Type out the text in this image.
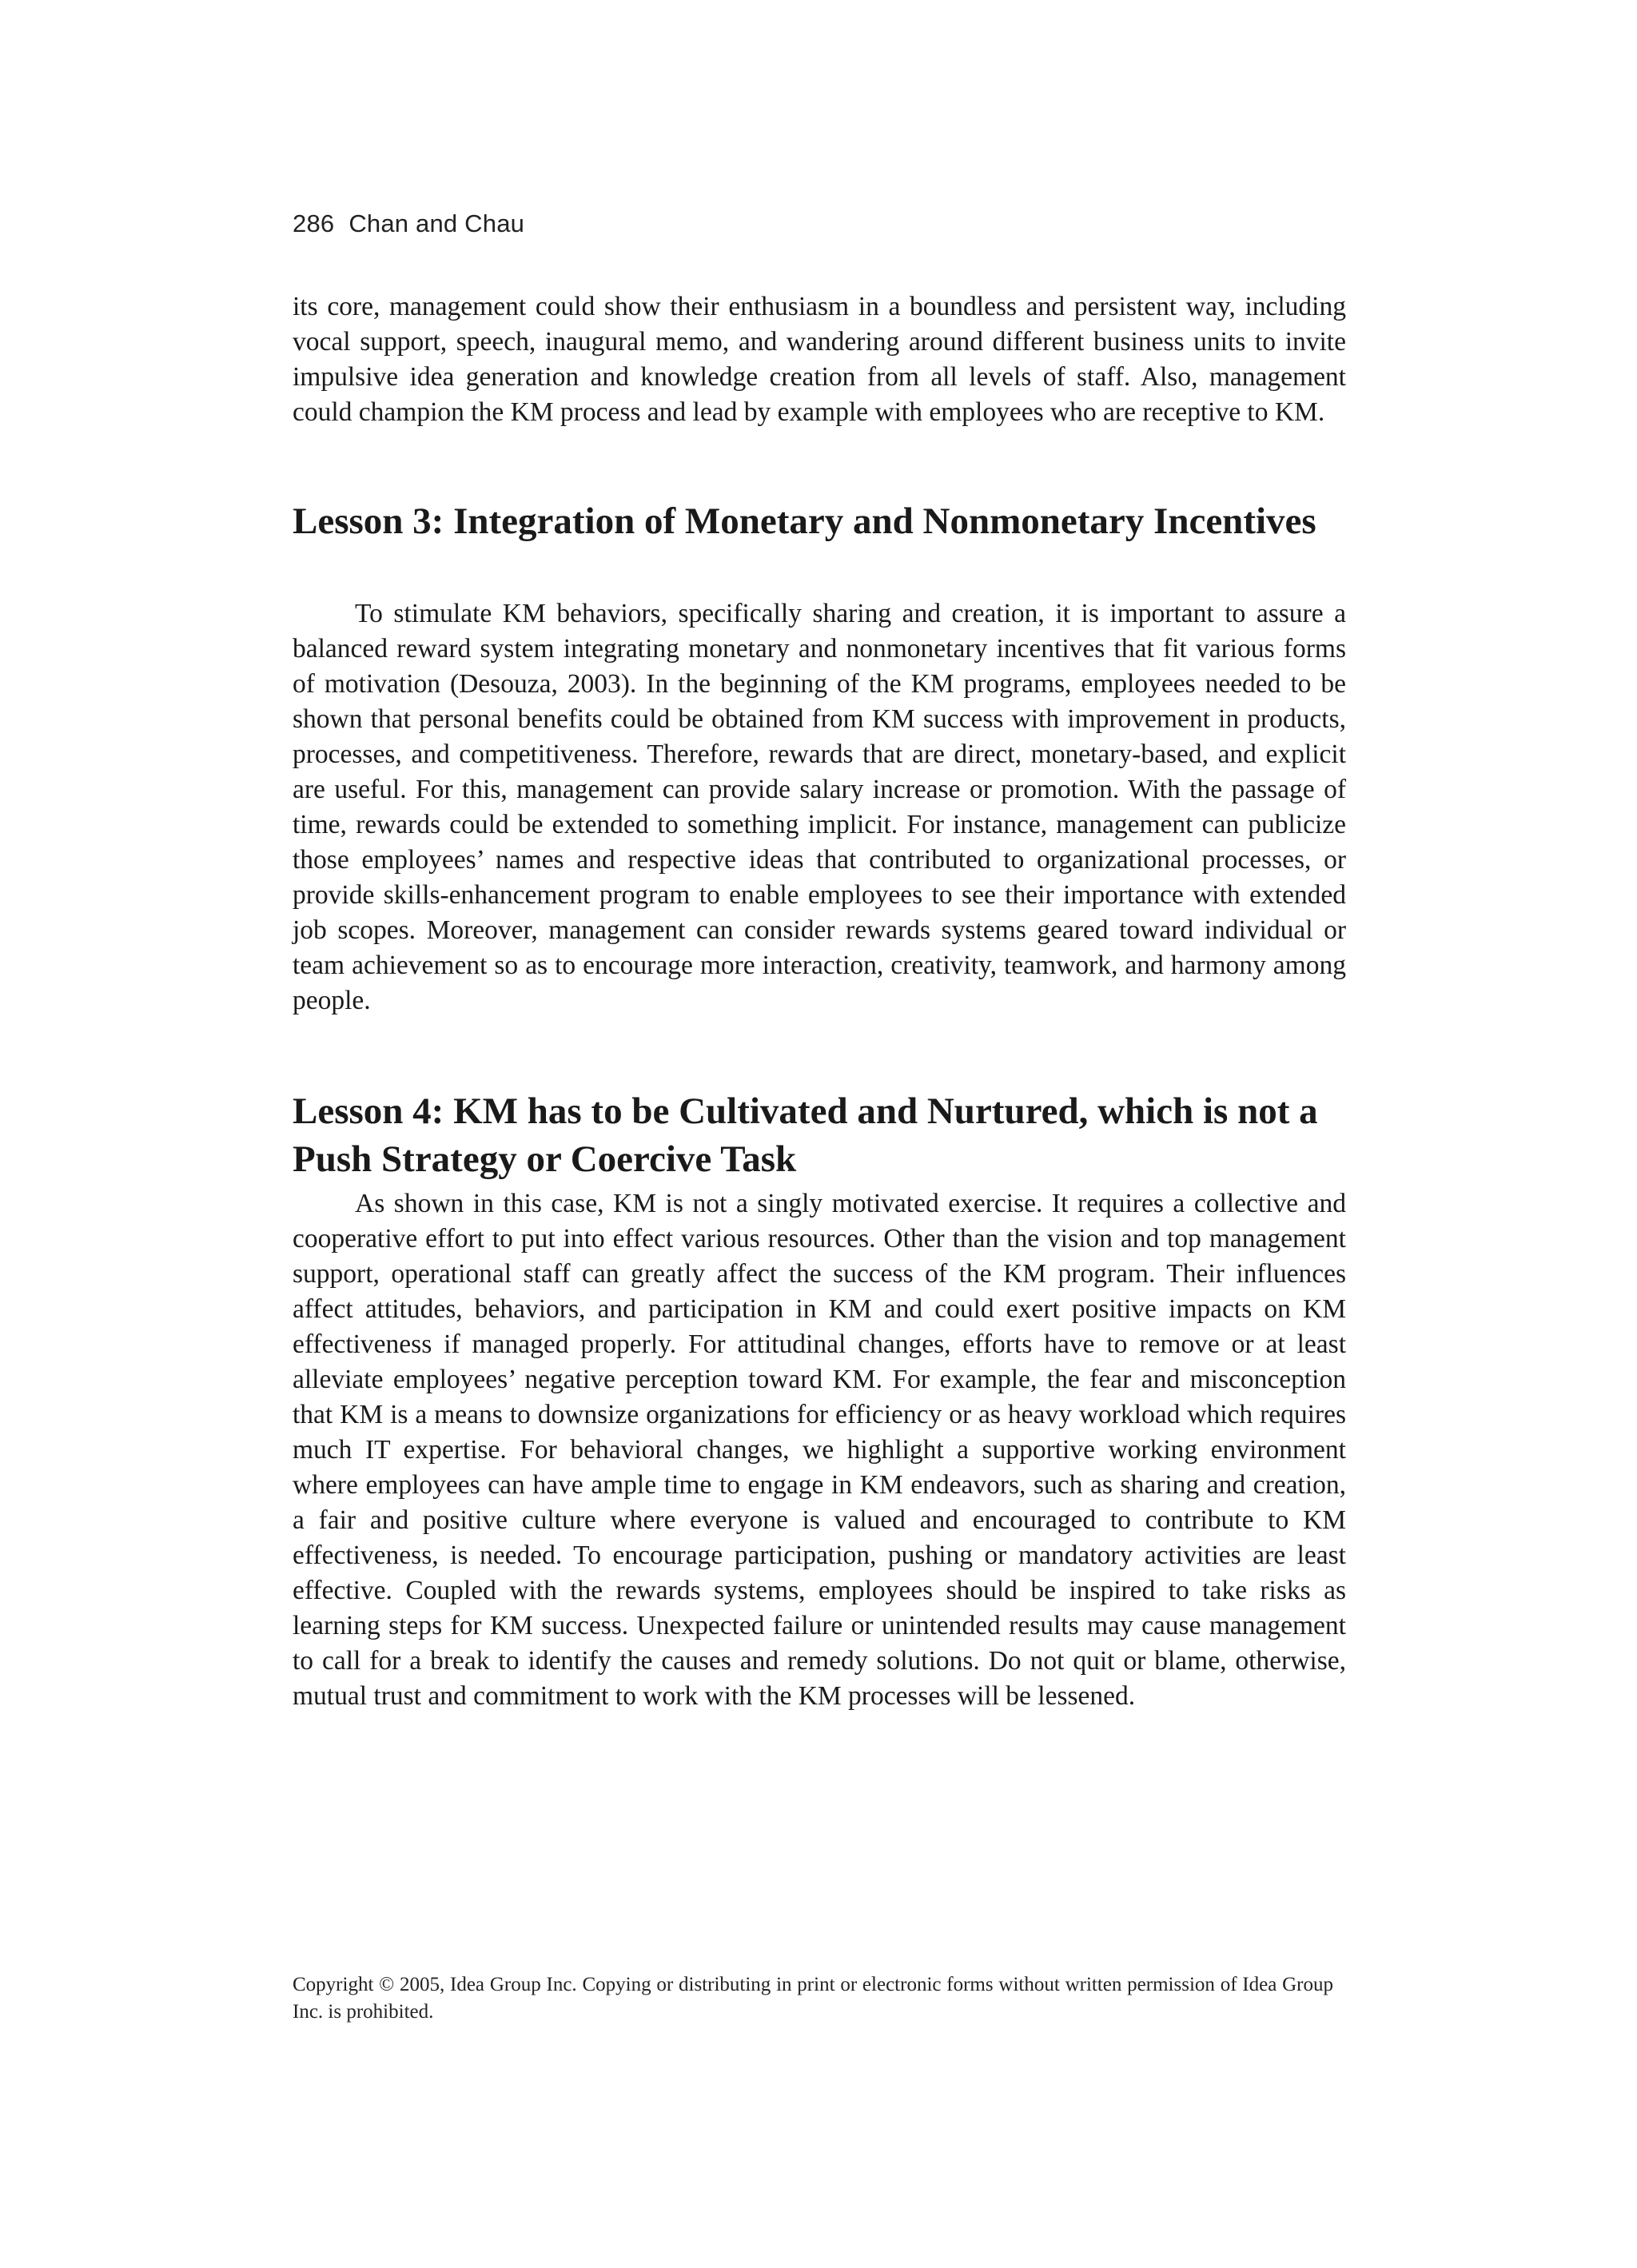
286 Chan and Chau

its core, management could show their enthusiasm in a boundless and persistent way, including vocal support, speech, inaugural memo, and wandering around different business units to invite impulsive idea generation and knowledge creation from all levels of staff. Also, management could champion the KM process and lead by example with employees who are receptive to KM.

Lesson 3: Integration of Monetary and Nonmonetary Incentives

To stimulate KM behaviors, specifically sharing and creation, it is important to assure a balanced reward system integrating monetary and nonmonetary incentives that fit various forms of motivation (Desouza, 2003). In the beginning of the KM programs, employees needed to be shown that personal benefits could be obtained from KM success with improvement in products, processes, and competitiveness. Therefore, rewards that are direct, monetary-based, and explicit are useful. For this, management can provide salary increase or promotion. With the passage of time, rewards could be extended to something implicit. For instance, management can publicize those employees’ names and respective ideas that contributed to organizational processes, or provide skills-enhancement program to enable employees to see their importance with extended job scopes. Moreover, management can consider rewards systems geared toward individual or team achievement so as to encourage more interaction, creativity, teamwork, and harmony among people.

Lesson 4: KM has to be Cultivated and Nurtured, which is not a Push Strategy or Coercive Task

As shown in this case, KM is not a singly motivated exercise. It requires a collective and cooperative effort to put into effect various resources. Other than the vision and top management support, operational staff can greatly affect the success of the KM program. Their influences affect attitudes, behaviors, and participation in KM and could exert positive impacts on KM effectiveness if managed properly. For attitudinal changes, efforts have to remove or at least alleviate employees’ negative perception toward KM. For example, the fear and misconception that KM is a means to downsize organizations for efficiency or as heavy workload which requires much IT expertise. For behavioral changes, we highlight a supportive working environment where employees can have ample time to engage in KM endeavors, such as sharing and creation, a fair and positive culture where everyone is valued and encouraged to contribute to KM effectiveness, is needed. To encourage participation, pushing or mandatory activities are least effective. Coupled with the rewards systems, employees should be inspired to take risks as learning steps for KM success. Unexpected failure or unintended results may cause management to call for a break to identify the causes and remedy solutions. Do not quit or blame, otherwise, mutual trust and commitment to work with the KM processes will be lessened.

Copyright © 2005, Idea Group Inc. Copying or distributing in print or electronic forms without written permission of Idea Group Inc. is prohibited.
